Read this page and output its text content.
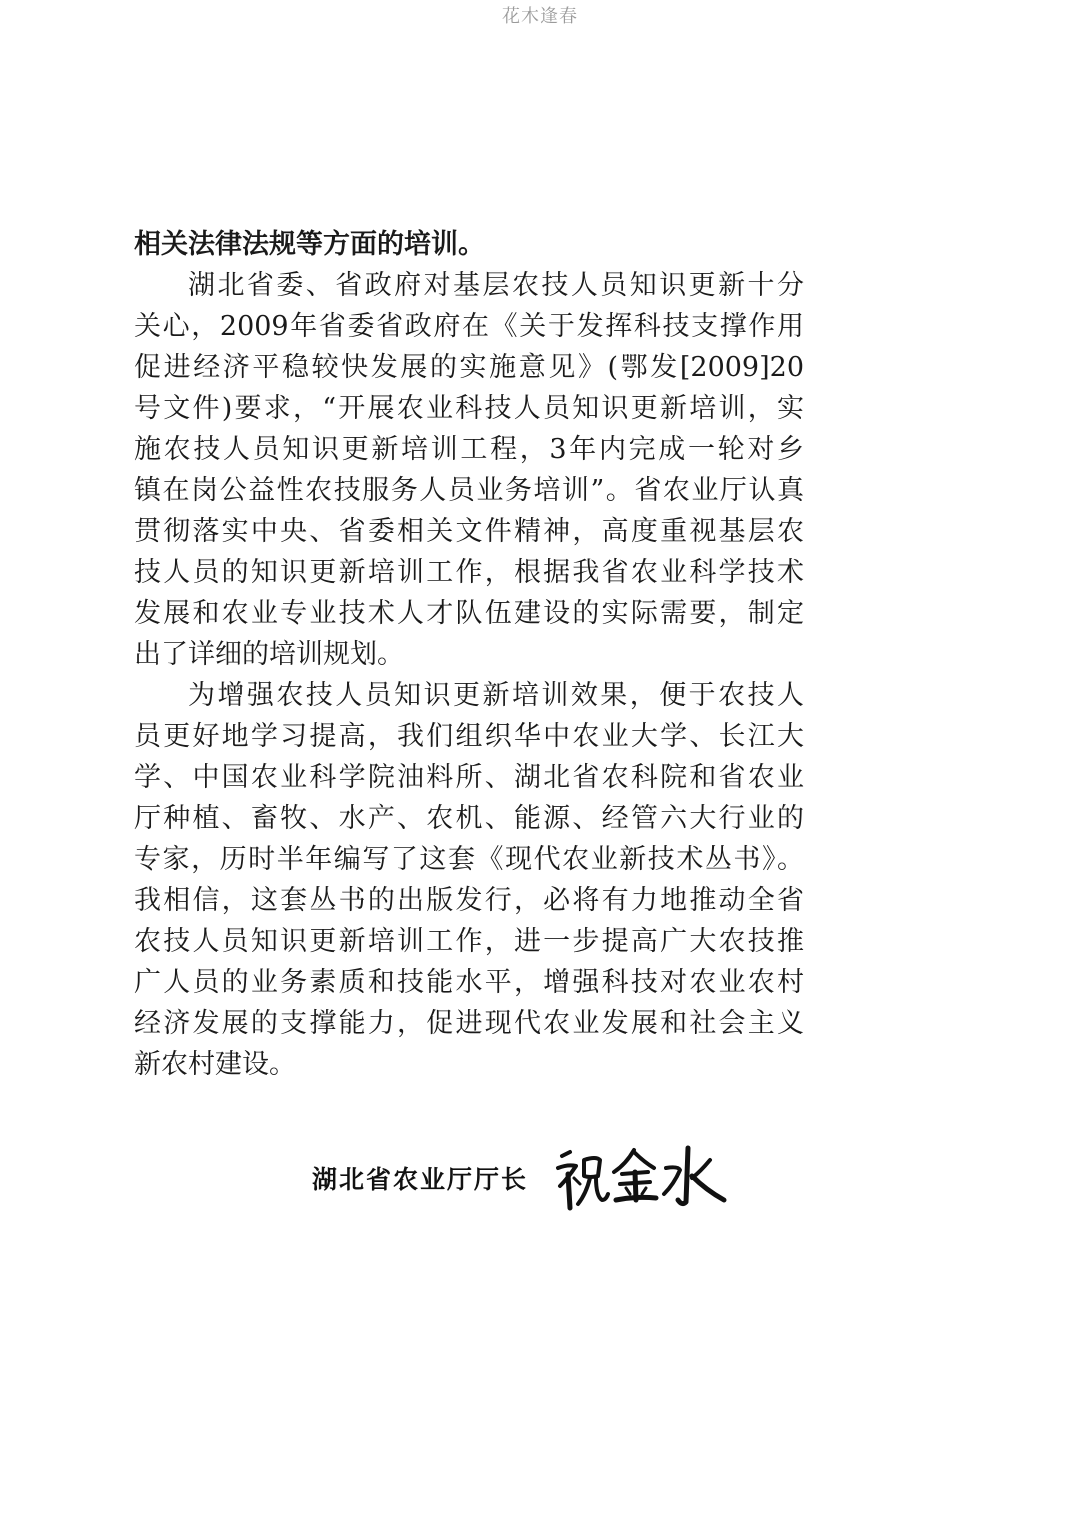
花木逢春
相关法律法规等方面的培训。
湖北省委、省政府对基层农技人员知识更新十分
关心，2009年省委省政府在《关于发挥科技支撑作用
促进经济平稳较快发展的实施意见》(鄂发[2009]20
号文件)要求，“开展农业科技人员知识更新培训，实
施农技人员知识更新培训工程，3年内完成一轮对乡
镇在岗公益性农技服务人员业务培训”。省农业厅认真
贯彻落实中央、省委相关文件精神，高度重视基层农
技人员的知识更新培训工作，根据我省农业科学技术
发展和农业专业技术人才队伍建设的实际需要，制定
出了详细的培训规划。
为增强农技人员知识更新培训效果，便于农技人
员更好地学习提高，我们组织华中农业大学、长江大
学、中国农业科学院油料所、湖北省农科院和省农业
厅种植、畜牧、水产、农机、能源、经管六大行业的
专家，历时半年编写了这套《现代农业新技术丛书》。
我相信，这套丛书的出版发行，必将有力地推动全省
农技人员知识更新培训工作，进一步提高广大农技推
广人员的业务素质和技能水平，增强科技对农业农村
经济发展的支撑能力，促进现代农业发展和社会主义
新农村建设。
湖北省农业厅厅长
